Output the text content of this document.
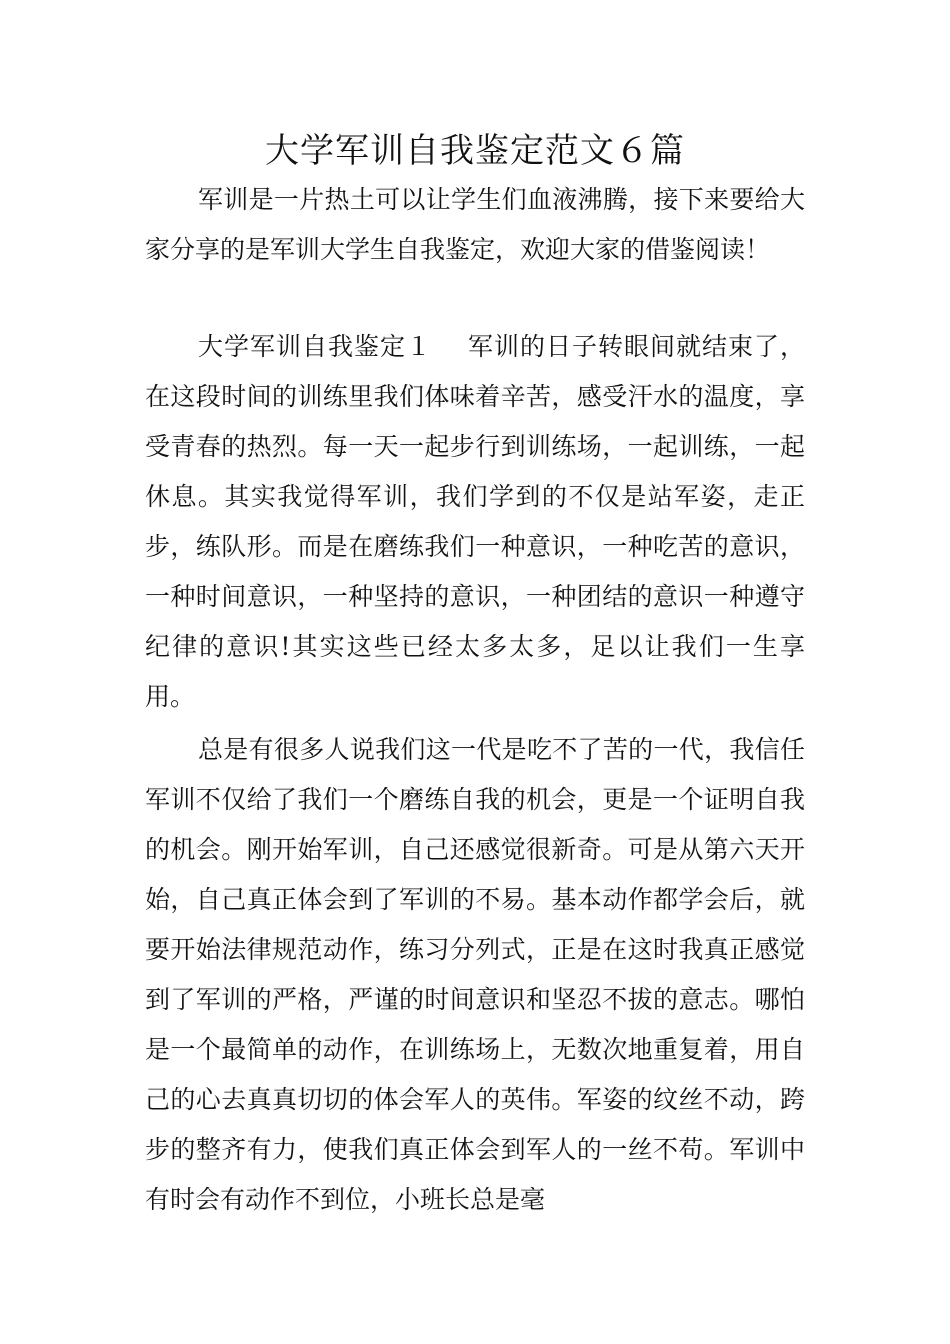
大学军训自我鉴定范文６篇

军训是一片热土可以让学生们血液沸腾，接下来要给大家分享的是军训大学生自我鉴定，欢迎大家的借鉴阅读！

大学军训自我鉴定１ 军训的日子转眼间就结束了，在这段时间的训练里我们体味着辛苦，感受汗水的温度，享受青春的热烈。每一天一起步行到训练场，一起训练，一起休息。其实我觉得军训，我们学到的不仅是站军姿，走正步，练队形。而是在磨练我们一种意识，一种吃苦的意识，一种时间意识，一种坚持的意识，一种团结的意识一种遵守纪律的意识!其实这些已经太多太多，足以让我们一生享用。

总是有很多人说我们这一代是吃不了苦的一代，我信任军训不仅给了我们一个磨练自我的机会，更是一个证明自我的机会。刚开始军训，自己还感觉很新奇。可是从第六天开始，自己真正体会到了军训的不易。基本动作都学会后，就要开始法律规范动作，练习分列式，正是在这时我真正感觉到了军训的严格，严谨的时间意识和坚忍不拔的意志。哪怕是一个最简单的动作，在训练场上，无数次地重复着，用自己的心去真真切切的体会军人的英伟。军姿的纹丝不动，跨步的整齐有力，使我们真正体会到军人的一丝不苟。军训中有时会有动作不到位，小班长总是毫
